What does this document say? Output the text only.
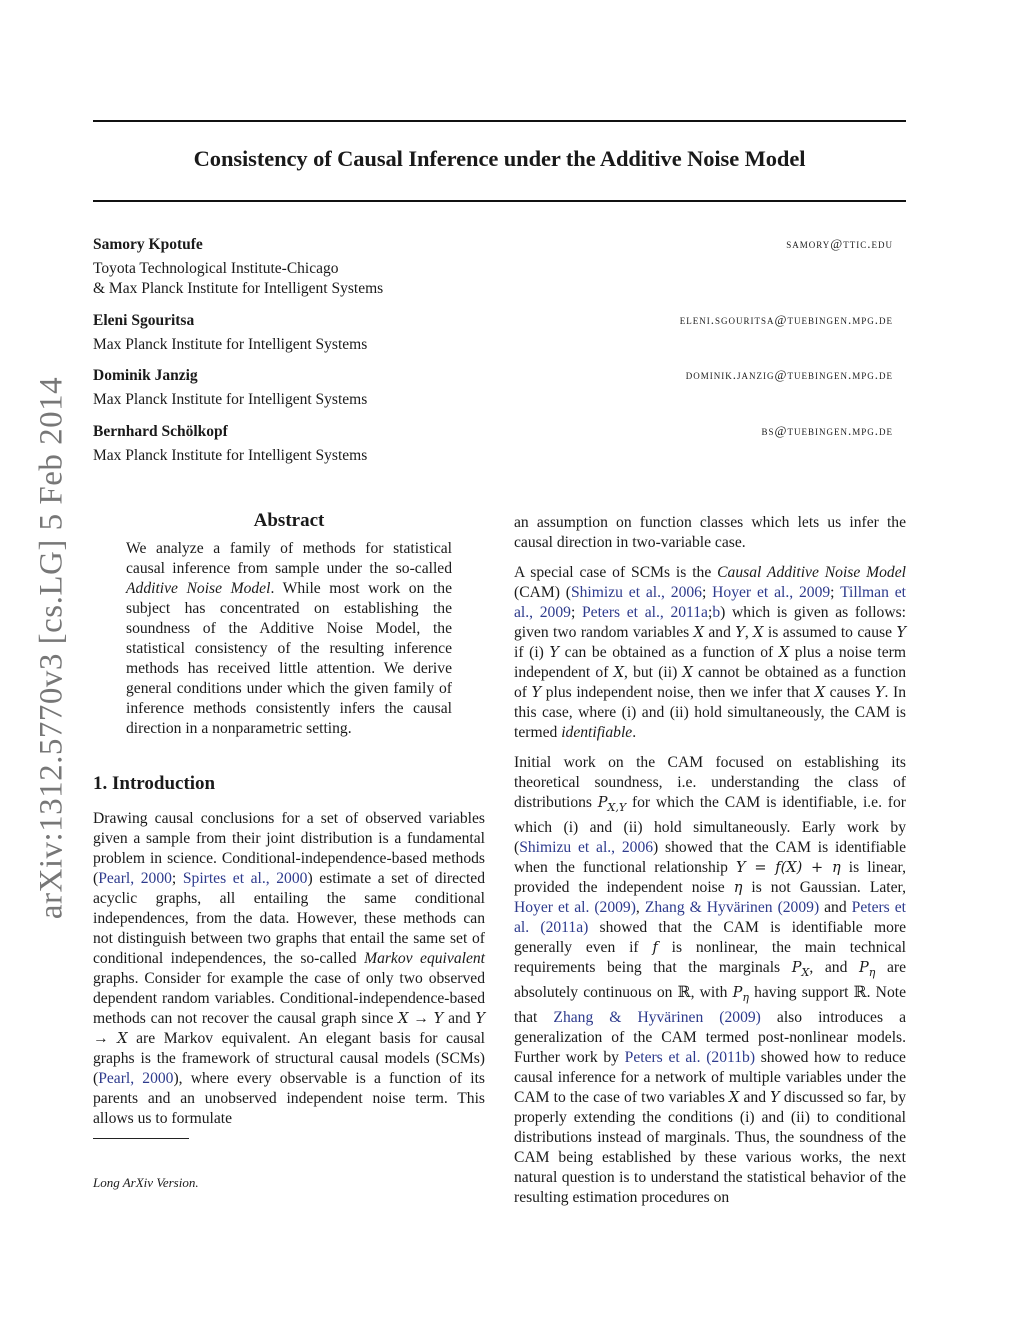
Consistency of Causal Inference under the Additive Noise Model
arXiv:1312.5770v3 [cs.LG] 5 Feb 2014
Samory Kpotufe	samory@ttic.edu
Toyota Technological Institute-Chicago
& Max Planck Institute for Intelligent Systems
Eleni Sgouritsa	eleni.sgouritsa@tuebingen.mpg.de
Max Planck Institute for Intelligent Systems
Dominik Janzig	dominik.janzig@tuebingen.mpg.de
Max Planck Institute for Intelligent Systems
Bernhard Schölkopf	bs@tuebingen.mpg.de
Max Planck Institute for Intelligent Systems
Abstract
We analyze a family of methods for statistical causal inference from sample under the so-called Additive Noise Model. While most work on the subject has concentrated on establishing the soundness of the Additive Noise Model, the statistical consistency of the resulting inference methods has received little attention. We derive general conditions under which the given family of inference methods consistently infers the causal direction in a nonparametric setting.
1. Introduction
Drawing causal conclusions for a set of observed variables given a sample from their joint distribution is a fundamental problem in science. Conditional-independence-based methods (Pearl, 2000; Spirtes et al., 2000) estimate a set of directed acyclic graphs, all entailing the same conditional independences, from the data. However, these methods can not distinguish between two graphs that entail the same set of conditional independences, the so-called Markov equivalent graphs. Consider for example the case of only two observed dependent random variables. Conditional-independence-based methods can not recover the causal graph since X → Y and Y → X are Markov equivalent. An elegant basis for causal graphs is the framework of structural causal models (SCMs) (Pearl, 2000), where every observable is a function of its parents and an unobserved independent noise term. This allows us to formulate
an assumption on function classes which lets us infer the causal direction in two-variable case.
A special case of SCMs is the Causal Additive Noise Model (CAM) (Shimizu et al., 2006; Hoyer et al., 2009; Tillman et al., 2009; Peters et al., 2011a;b) which is given as follows: given two random variables X and Y, X is assumed to cause Y if (i) Y can be obtained as a function of X plus a noise term independent of X, but (ii) X cannot be obtained as a function of Y plus independent noise, then we infer that X causes Y. In this case, where (i) and (ii) hold simultaneously, the CAM is termed identifiable.
Initial work on the CAM focused on establishing its theoretical soundness, i.e. understanding the class of distributions $P_{X,Y}$ for which the CAM is identifiable, i.e. for which (i) and (ii) hold simultaneously. Early work by (Shimizu et al., 2006) showed that the CAM is identifiable when the functional relationship Y = f(X) + η is linear, provided the independent noise η is not Gaussian. Later, Hoyer et al. (2009), Zhang & Hyvärinen (2009) and Peters et al. (2011a) showed that the CAM is identifiable more generally even if f is nonlinear, the main technical requirements being that the marginals $P_X$, and $P_\eta$ are absolutely continuous on ℝ, with $P_\eta$ having support ℝ. Note that Zhang & Hyvärinen (2009) also introduces a generalization of the CAM termed post-nonlinear models. Further work by Peters et al. (2011b) showed how to reduce causal inference for a network of multiple variables under the CAM to the case of two variables X and Y discussed so far, by properly extending the conditions (i) and (ii) to conditional distributions instead of marginals. Thus, the soundness of the CAM being established by these various works, the next natural question is to understand the statistical behavior of the resulting estimation procedures on
Long ArXiv Version.
